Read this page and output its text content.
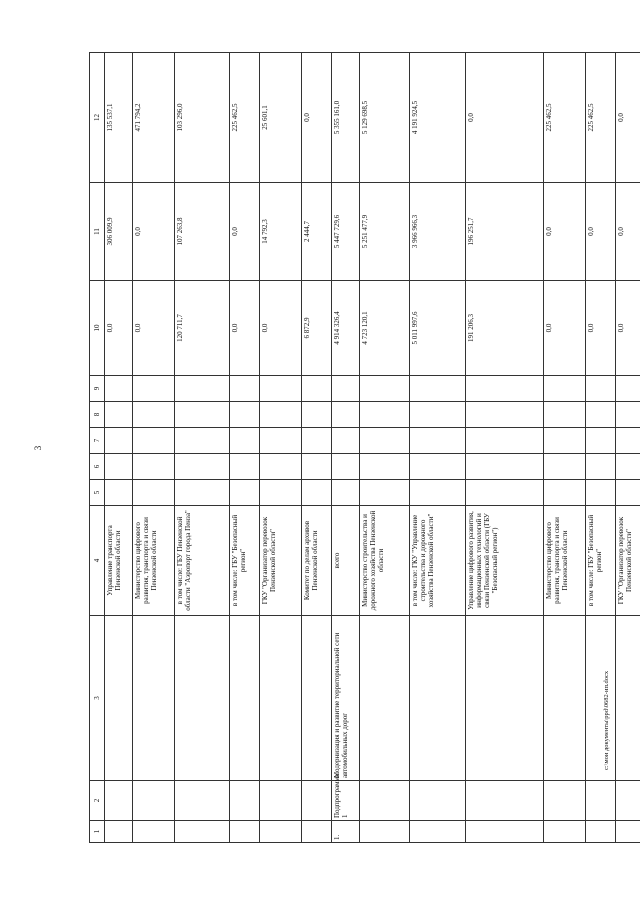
3
1	2	3	4	5	6	7	8	9	10	11	12
			Управление транспорта Пензенской области						0,0	306 009,9	135 537,1
			Министерство цифрового развития, транспорта и связи Пензенской области						0,0	0,0	471 794,2
			в том числе: ГБУ Пензенской области "Аэропорт города Пенза"						120 711,7	107 263,8	103 296,0
			в том числе: ГБУ "Безопасный регион"						0,0	0,0	225 462,5
			ГКУ "Организатор перевозок Пензенской области"						0,0	14 792,3	25 601,1
			Комитет по делам архивов Пензенской области						6 872,9	2 444,7	0,0
1.	Подпрограмма 1	Модернизация и развитие территориальной сети автомобильных дорог	всего						4 914 326,4	5 447 729,6	5 355 161,0
			Министерство строительства и дорожного хозяйства Пензенской области						4 723 120,1	5 251 477,9	5 129 698,5
			в том числе: ГКУ "Управление строительства и дорожного хозяйства Пензенской области"						5 011 997,6	3 966 966,3	4 191 924,5
			Управление цифрового развития, информационных технологий и связи Пензенской области (ГБУ "Безопасный регион")						191 206,3	196 251,7	0,0
			Министерство цифрового развития, транспорта и связи Пензенской области						0,0	0,0	225 462,5
			в том числе: ГБУ "Безопасный регион"						0,0	0,0	225 462,5
			ГКУ "Организатор перевозок Пензенской области"						0,0	0,0	0,0
c:\мои документы\ppd\0682-ип.docx
